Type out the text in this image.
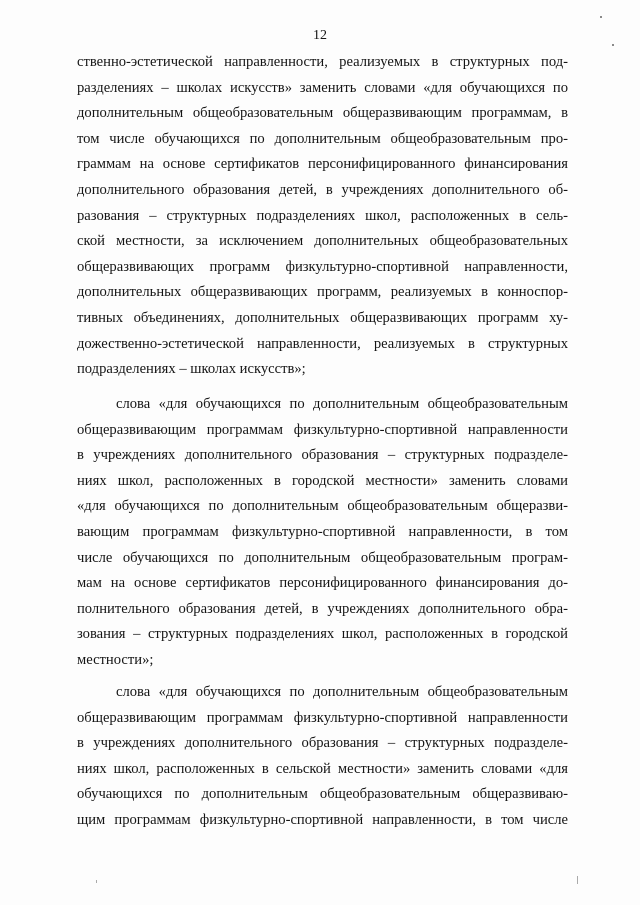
12
ственно-эстетической направленности, реализуемых в структурных под-
разделениях – школах искусств» заменить словами «для обучающихся по
дополнительным общеобразовательным общеразвивающим программам, в
том числе обучающихся по дополнительным общеобразовательным про-
граммам на основе сертификатов персонифицированного финансирования
дополнительного образования детей, в учреждениях дополнительного об-
разования – структурных подразделениях школ, расположенных в сель-
ской местности, за исключением дополнительных общеобразовательных
общеразвивающих программ физкультурно-спортивной направленности,
дополнительных общеразвивающих программ, реализуемых в конноспор-
тивных объединениях, дополнительных общеразвивающих программ ху-
дожественно-эстетической направленности, реализуемых в структурных
подразделениях – школах искусств»;
слова «для обучающихся по дополнительным общеобразовательным
общеразвивающим программам физкультурно-спортивной направленности
в учреждениях дополнительного образования – структурных подразделе-
ниях школ, расположенных в городской местности» заменить словами
«для обучающихся по дополнительным общеобразовательным общеразви-
вающим программам физкультурно-спортивной направленности, в том
числе обучающихся по дополнительным общеобразовательным програм-
мам на основе сертификатов персонифицированного финансирования до-
полнительного образования детей, в учреждениях дополнительного обра-
зования – структурных подразделениях школ, расположенных в городской
местности»;
слова «для обучающихся по дополнительным общеобразовательным
общеразвивающим программам физкультурно-спортивной направленности
в учреждениях дополнительного образования – структурных подразделе-
ниях школ, расположенных в сельской местности» заменить словами «для
обучающихся по дополнительным общеобразовательным общеразвиваю-
щим программам физкультурно-спортивной направленности, в том числе
